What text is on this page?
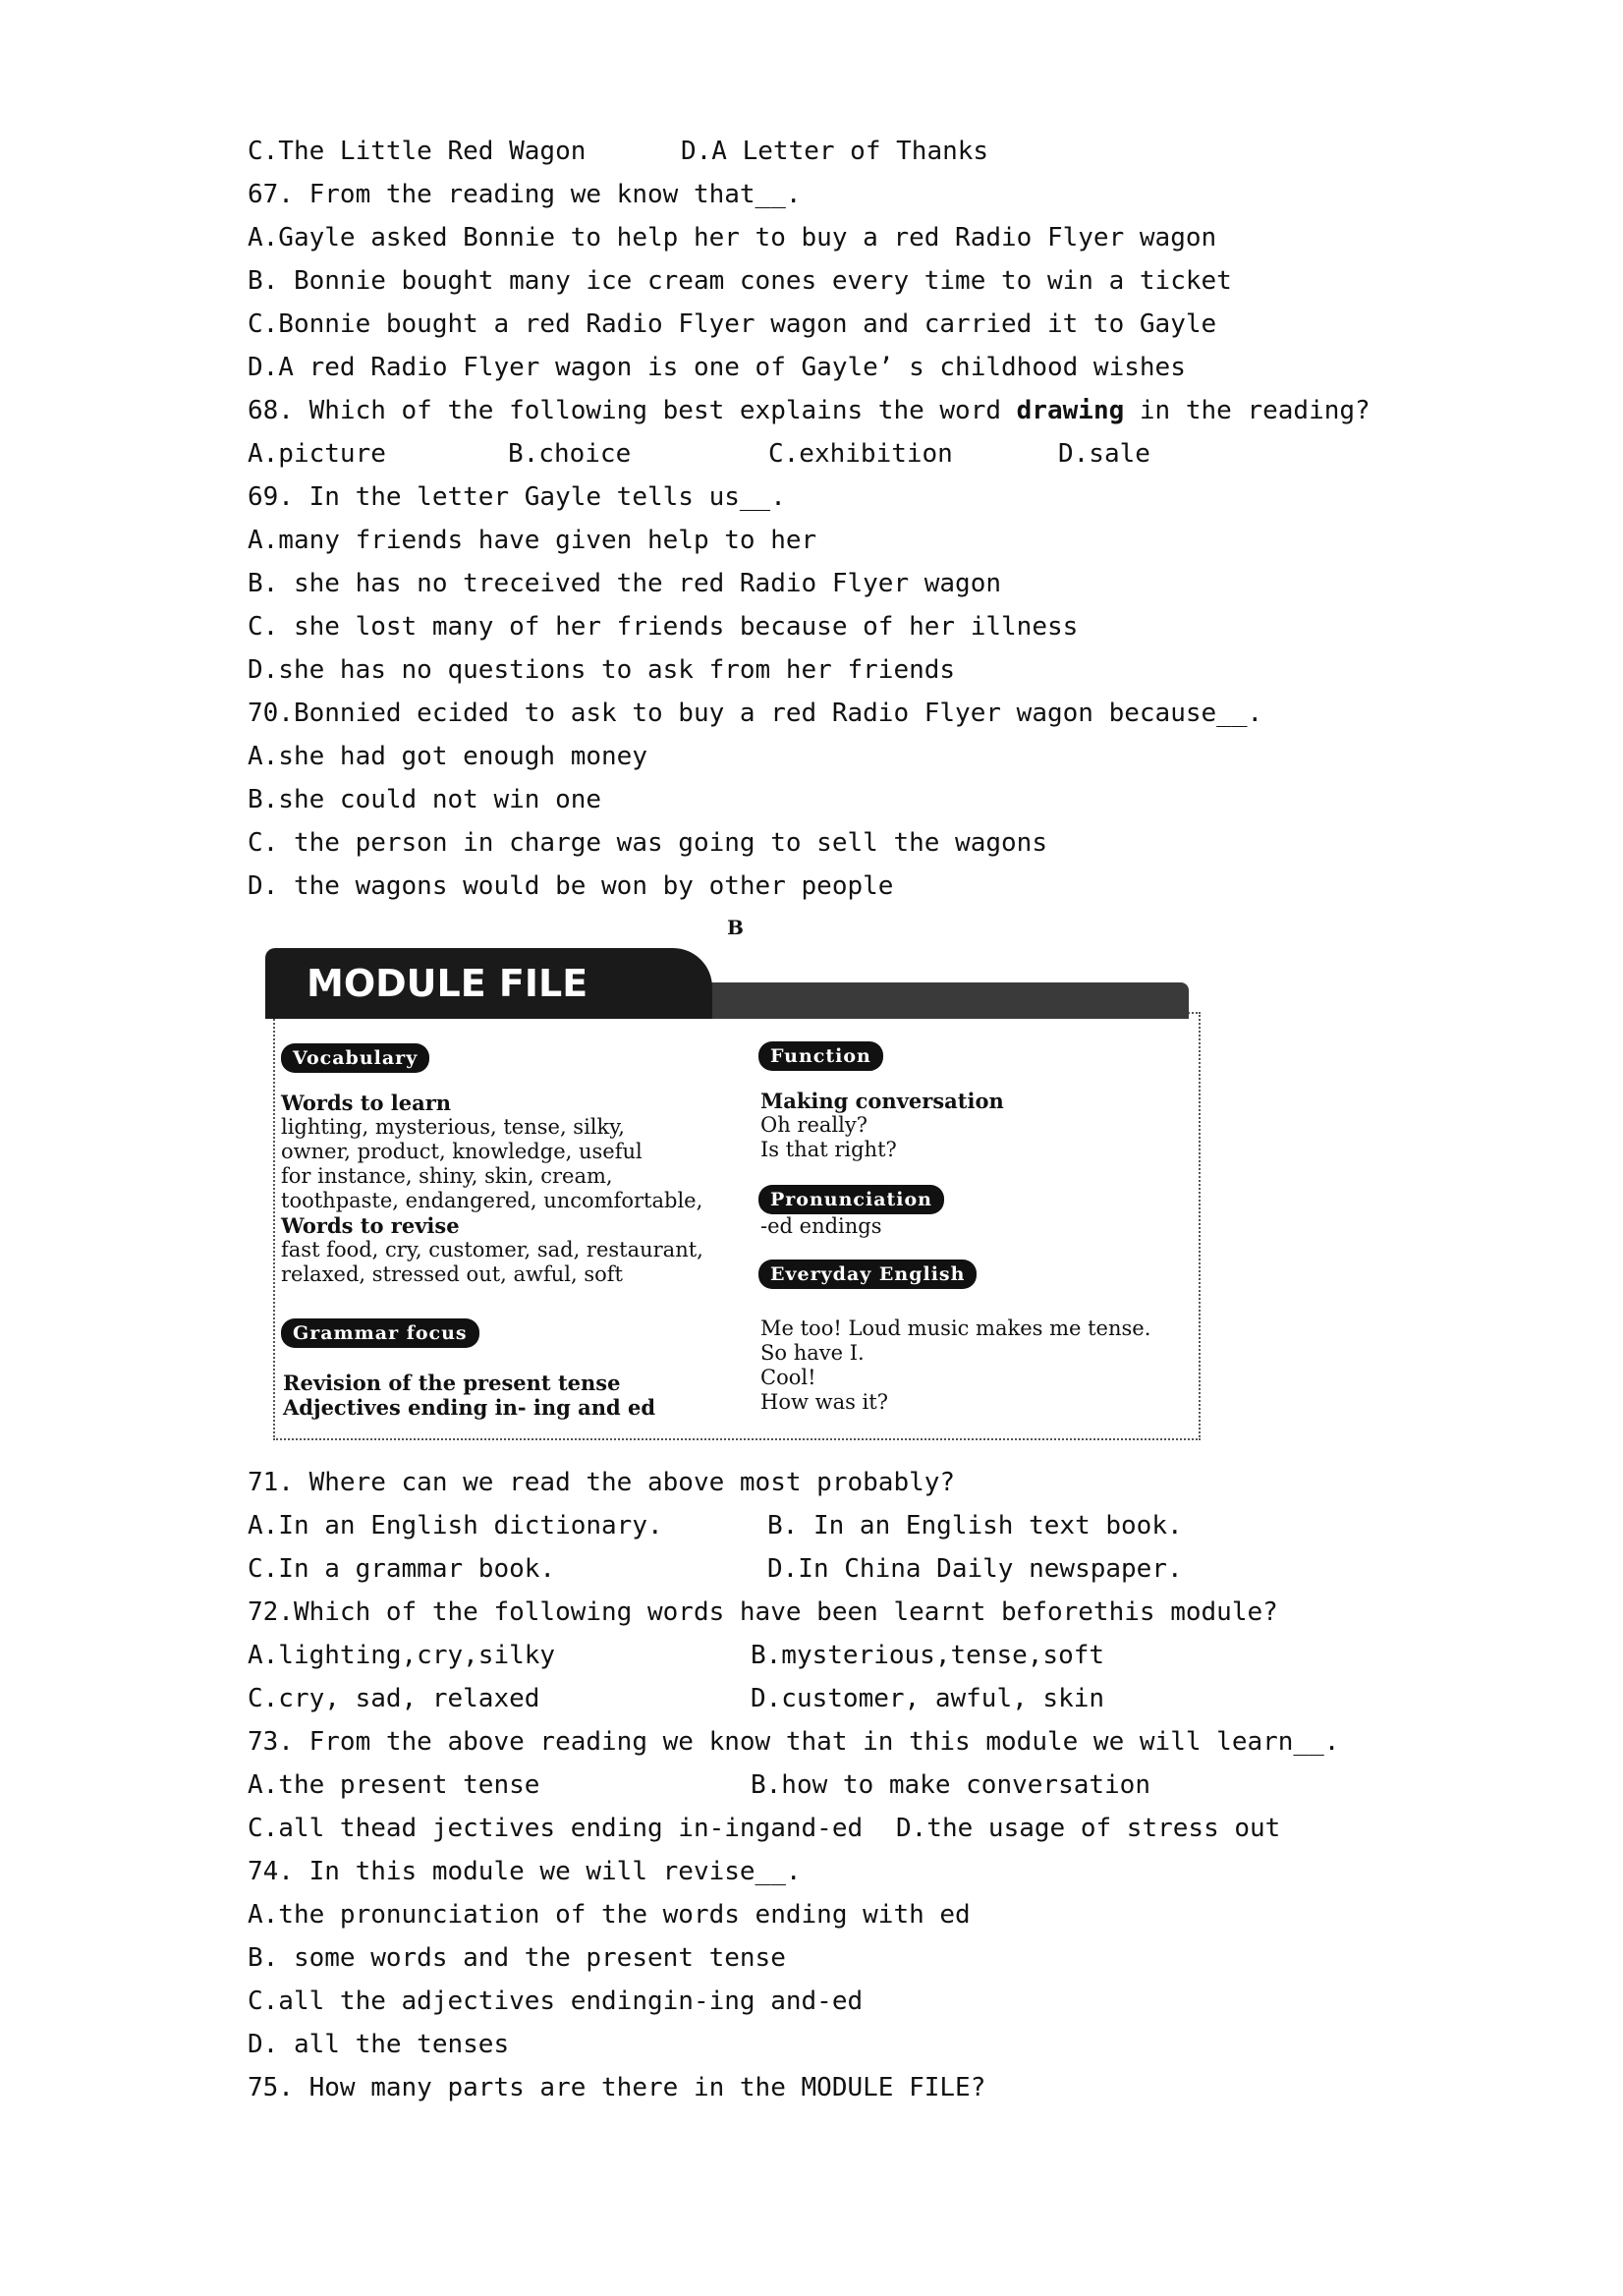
C.The Little Red Wagon	D.A Letter of Thanks
67. From the reading we know that__.
A.Gayle asked Bonnie to help her to buy a red Radio Flyer wagon
B. Bonnie bought many ice cream cones every time to win a ticket
C.Bonnie bought a red Radio Flyer wagon and carried it to Gayle
D.A red Radio Flyer wagon is one of Gayle’ s childhood wishes
68. Which of the following best explains the word drawing in the reading?
A.picture	B.choice	C.exhibition	D.sale
69. In the letter Gayle tells us__.
A.many friends have given help to her
B. she has no treceived the red Radio Flyer wagon
C. she lost many of her friends because of her illness
D.she has no questions to ask from her friends
70.Bonnied ecided to ask to buy a red Radio Flyer wagon because__.
A.she had got enough money
B.she could not win one
C. the person in charge was going to sell the wagons
D. the wagons would be won by other people
B
MODULE FILE
Vocabulary
Words to learn
lighting, mysterious, tense, silky,
owner, product, knowledge, useful
for instance, shiny, skin, cream,
toothpaste, endangered, uncomfortable,
Words to revise
fast food, cry, customer, sad, restaurant,
relaxed, stressed out, awful, soft
Grammar focus
Revision of the present tense
Adjectives ending in- ing and ed
Function
Making conversation
Oh really?
Is that right?
Pronunciation
-ed endings
Everyday English
Me too! Loud music makes me tense.
So have I.
Cool!
How was it?
71. Where can we read the above most probably?
A.In an English dictionary.	B. In an English text book.
C.In a grammar book.	D.In China Daily newspaper.
72.Which of the following words have been learnt beforethis module?
A.lighting,cry,silky	B.mysterious,tense,soft
C.cry, sad, relaxed	D.customer, awful, skin
73. From the above reading we know that in this module we will learn__.
A.the present tense	B.how to make conversation
C.all thead jectives ending in-ingand-ed D.the usage of stress out
74. In this module we will revise__.
A.the pronunciation of the words ending with ed
B. some words and the present tense
C.all the adjectives endingin-ing and-ed
D. all the tenses
75. How many parts are there in the MODULE FILE?
